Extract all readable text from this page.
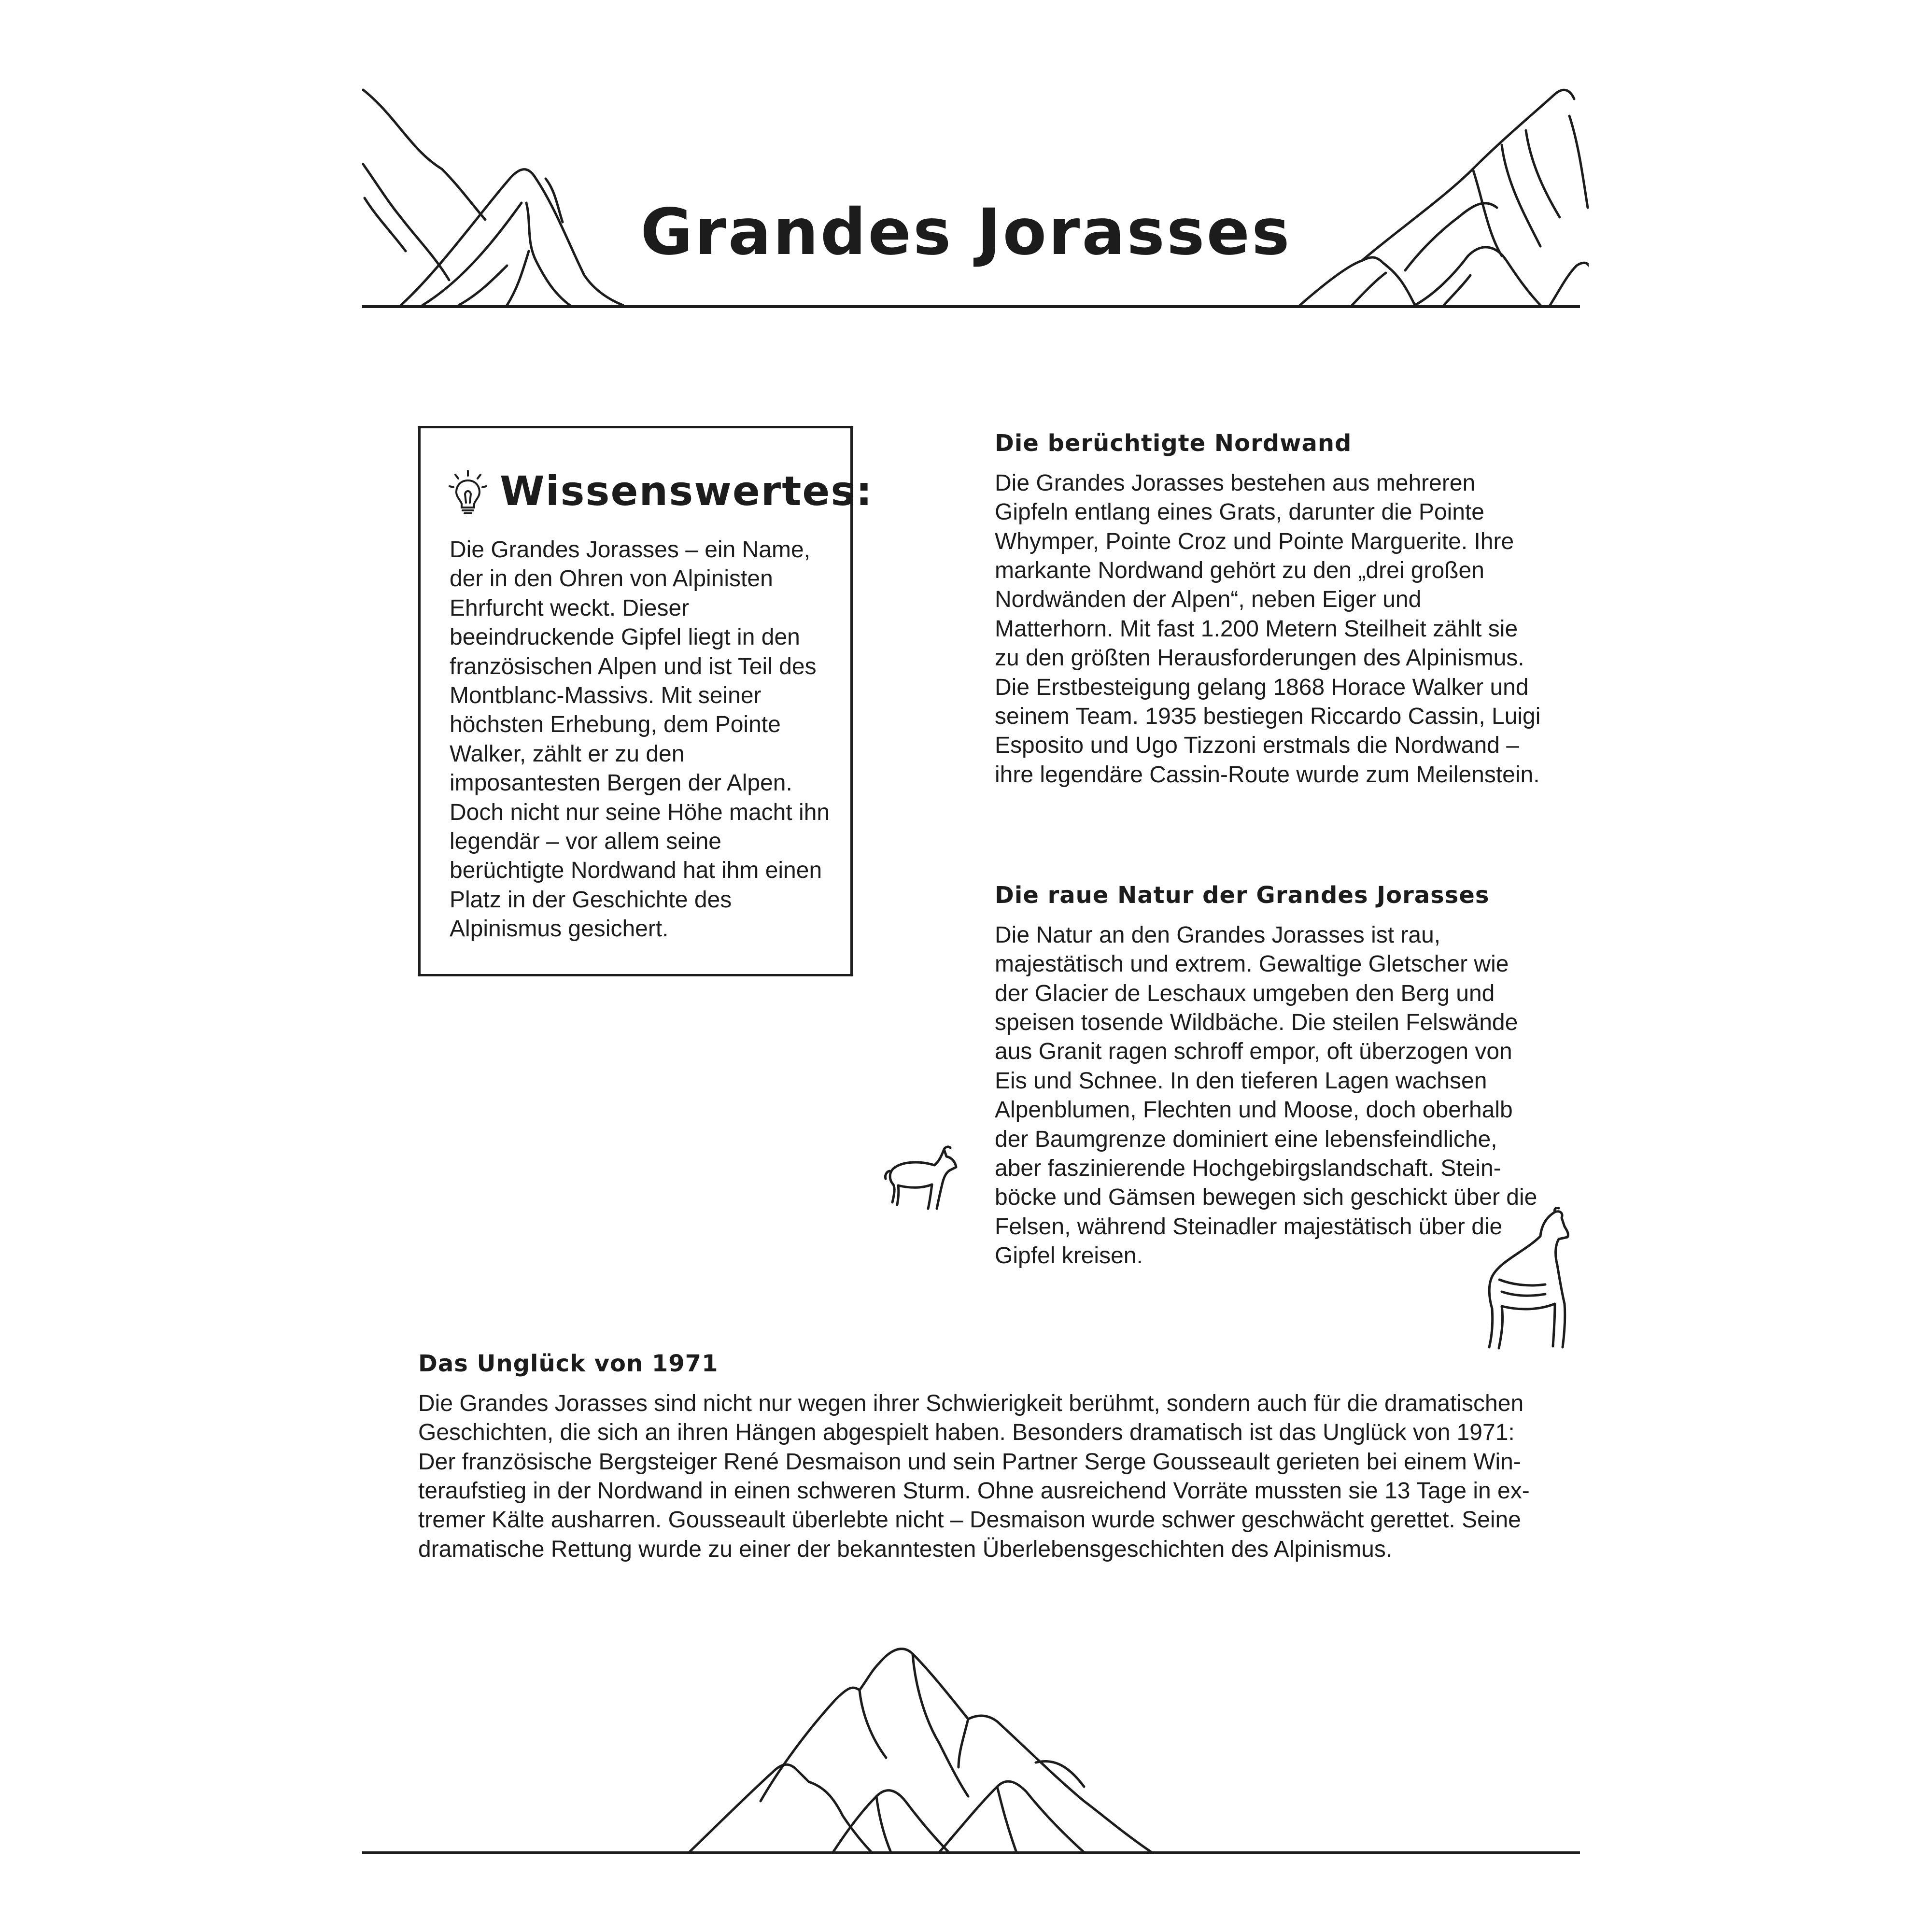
Grandes Jorasses
Wissenswertes:

Die Grandes Jorasses – ein Name, der in den Ohren von Alpinisten Ehrfurcht weckt. Dieser beeindruckende Gipfel liegt in den französischen Alpen und ist Teil des Montblanc-Massivs. Mit seiner höchsten Erhebung, dem Pointe Walker, zählt er zu den imposantesten Bergen der Alpen. Doch nicht nur seine Höhe macht ihn legendär – vor allem seine berüchtigte Nordwand hat ihm einen Platz in der Geschichte des Alpinismus gesichert.

Die berüchtigte Nordwand

Die Grandes Jorasses bestehen aus mehreren Gipfeln entlang eines Grats, darunter die Pointe Whymper, Pointe Croz und Pointe Marguerite. Ihre markante Nordwand gehört zu den „drei großen Nordwänden der Alpen“, neben Eiger und Matterhorn. Mit fast 1.200 Metern Steilheit zählt sie zu den größten Herausforderungen des Alpinismus. Die Erstbesteigung gelang 1868 Horace Walker und seinem Team. 1935 bestiegen Riccardo Cassin, Luigi Esposito und Ugo Tizzoni erstmals die Nordwand – ihre legendäre Cassin-Route wurde zum Meilenstein.

Die raue Natur der Grandes Jorasses

Die Natur an den Grandes Jorasses ist rau, majestätisch und extrem. Gewaltige Gletscher wie der Glacier de Leschaux umgeben den Berg und speisen tosende Wildbäche. Die steilen Felswände aus Granit ragen schroff empor, oft überzogen von Eis und Schnee. In den tieferen Lagen wachsen Alpenblumen, Flechten und Moose, doch oberhalb der Baumgrenze dominiert eine lebensfeindliche, aber faszinierende Hochgebirgslandschaft. Steinböcke und Gämsen bewegen sich geschickt über die Felsen, während Steinadler majestätisch über die Gipfel kreisen.

Das Unglück von 1971

Die Grandes Jorasses sind nicht nur wegen ihrer Schwierigkeit berühmt, sondern auch für die dramatischen Geschichten, die sich an ihren Hängen abgespielt haben. Besonders dramatisch ist das Unglück von 1971: Der französische Bergsteiger René Desmaison und sein Partner Serge Gousseault gerieten bei einem Winteraufstieg in der Nordwand in einen schweren Sturm. Ohne ausreichend Vorräte mussten sie 13 Tage in extremer Kälte ausharren. Gousseault überlebte nicht – Desmaison wurde schwer geschwächt gerettet. Seine dramatische Rettung wurde zu einer der bekanntesten Überlebensgeschichten des Alpinismus.
